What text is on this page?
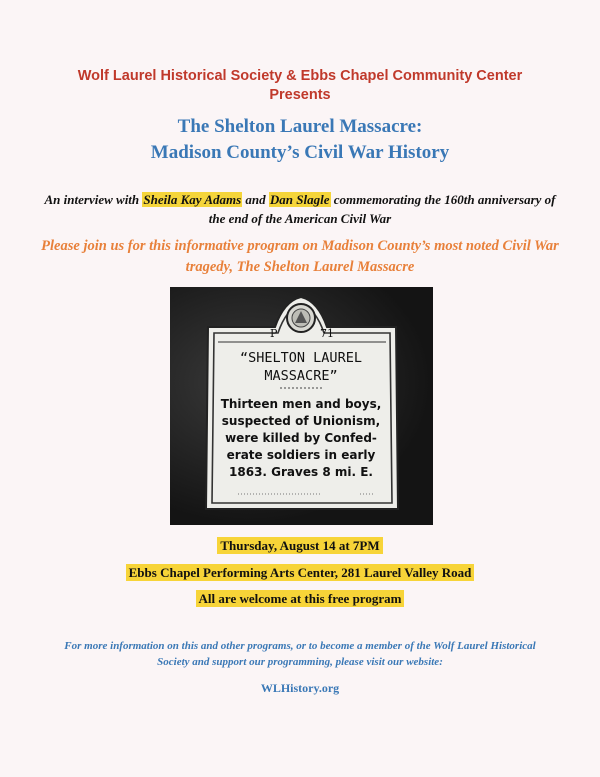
Wolf Laurel Historical Society & Ebbs Chapel Community Center
Presents
The Shelton Laurel Massacre:
Madison County’s Civil War History
An interview with Sheila Kay Adams and Dan Slagle commemorating the 160th anniversary of the end of the American Civil War
Please join us for this informative program on Madison County’s most noted Civil War tragedy, The Shelton Laurel Massacre
P	71
“SHELTON LAUREL
MASSACRE”
Thirteen men and boys,
suspected of Unionism,
were killed by Confed-
erate soldiers in early
1863. Graves 8 mi. E.
Thursday, August 14 at 7PM
Ebbs Chapel Performing Arts Center, 281 Laurel Valley Road
All are welcome at this free program
For more information on this and other programs, or to become a member of the Wolf Laurel Historical Society and support our programming, please visit our website:
WLHistory.org
